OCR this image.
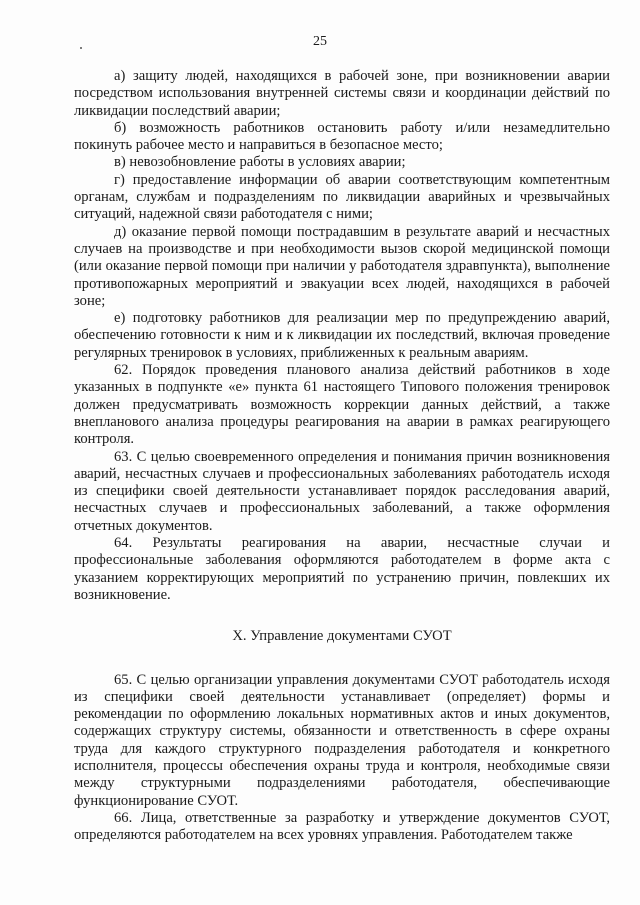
25

а) защиту людей, находящихся в рабочей зоне, при возникновении аварии посредством использования внутренней системы связи и координации действий по ликвидации последствий аварии;

б) возможность работников остановить работу и/или незамедлительно покинуть рабочее место и направиться в безопасное место;

в) невозобновление работы в условиях аварии;

г) предоставление информации об аварии соответствующим компетентным органам, службам и подразделениям по ликвидации аварийных и чрезвычайных ситуаций, надежной связи работодателя с ними;

д) оказание первой помощи пострадавшим в результате аварий и несчастных случаев на производстве и при необходимости вызов скорой медицинской помощи (или оказание первой помощи при наличии у работодателя здравпункта), выполнение противопожарных мероприятий и эвакуации всех людей, находящихся в рабочей зоне;

е) подготовку работников для реализации мер по предупреждению аварий, обеспечению готовности к ним и к ликвидации их последствий, включая проведение регулярных тренировок в условиях, приближенных к реальным авариям.

62. Порядок проведения планового анализа действий работников в ходе указанных в подпункте «е» пункта 61 настоящего Типового положения тренировок должен предусматривать возможность коррекции данных действий, а также внепланового анализа процедуры реагирования на аварии в рамках реагирующего контроля.

63. С целью своевременного определения и понимания причин возникновения аварий, несчастных случаев и профессиональных заболеваниях работодатель исходя из специфики своей деятельности устанавливает порядок расследования аварий, несчастных случаев и профессиональных заболеваний, а также оформления отчетных документов.

64. Результаты реагирования на аварии, несчастные случаи и профессиональные заболевания оформляются работодателем в форме акта с указанием корректирующих мероприятий по устранению причин, повлекших их возникновение.

X. Управление документами СУОТ

65. С целью организации управления документами СУОТ работодатель исходя из специфики своей деятельности устанавливает (определяет) формы и рекомендации по оформлению локальных нормативных актов и иных документов, содержащих структуру системы, обязанности и ответственность в сфере охраны труда для каждого структурного подразделения работодателя и конкретного исполнителя, процессы обеспечения охраны труда и контроля, необходимые связи между структурными подразделениями работодателя, обеспечивающие функционирование СУОТ.

66. Лица, ответственные за разработку и утверждение документов СУОТ, определяются работодателем на всех уровнях управления. Работодателем также
